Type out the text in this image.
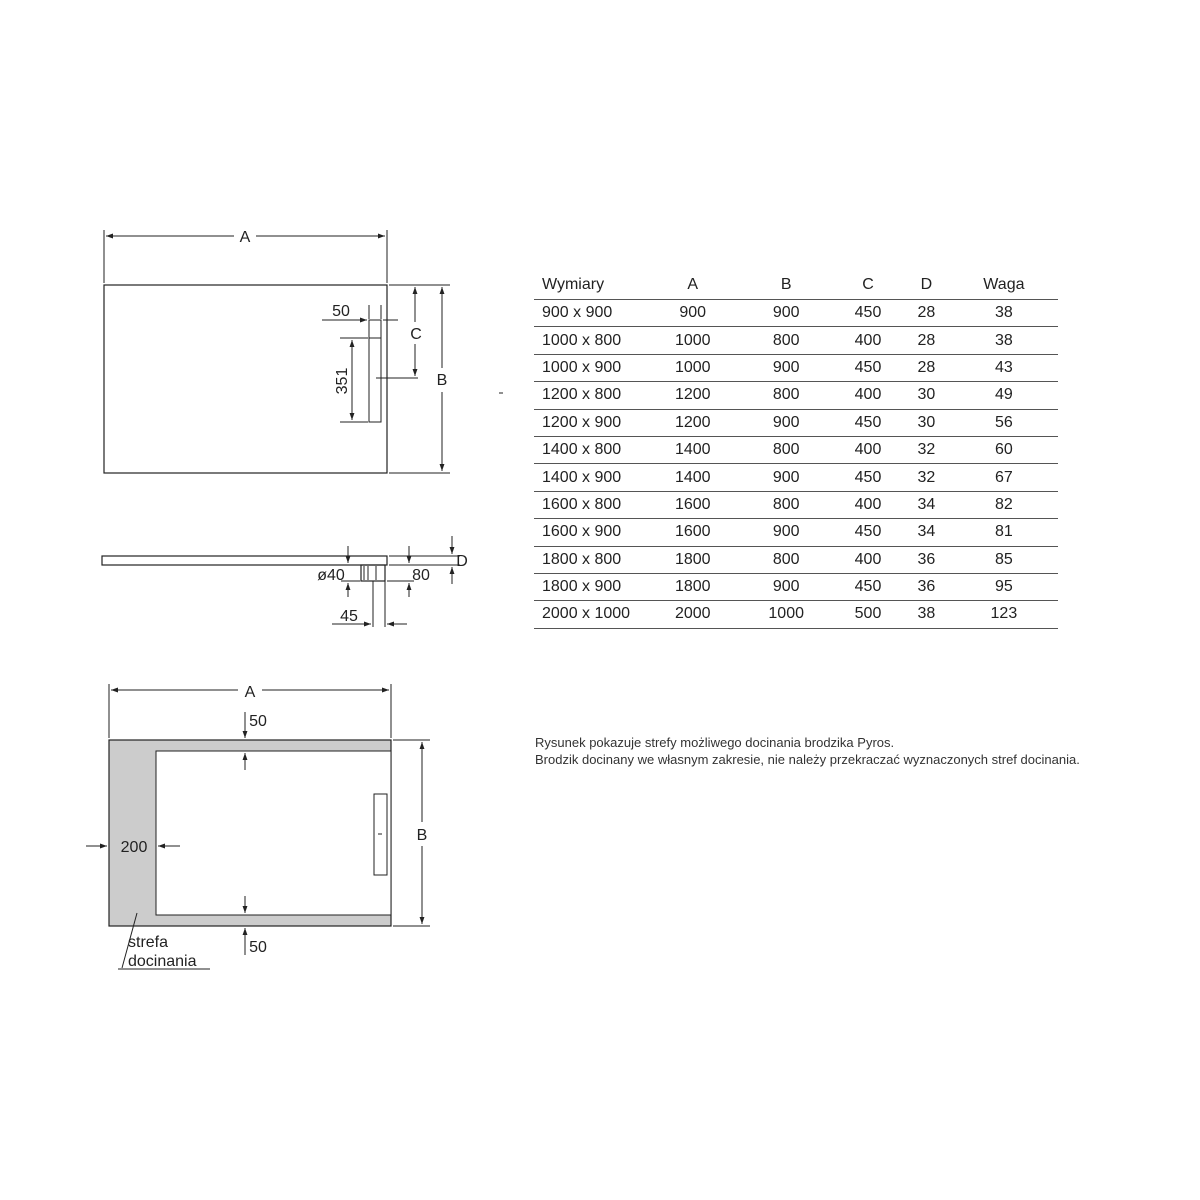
A
B
C
351
50
D
80
ø40
45
A
B
50
50
200
strefa
docinania
Wymiary	A	B	C	D	Waga
900 x 900	900	900	450	28	38
1000 x 800	1000	800	400	28	38
1000 x 900	1000	900	450	28	43
1200 x 800	1200	800	400	30	49
1200 x 900	1200	900	450	30	56
1400 x 800	1400	800	400	32	60
1400 x 900	1400	900	450	32	67
1600 x 800	1600	800	400	34	82
1600 x 900	1600	900	450	34	81
1800 x 800	1800	800	400	36	85
1800 x 900	1800	900	450	36	95
2000 x 1000	2000	1000	500	38	123
Rysunek pokazuje strefy możliwego docinania brodzika Pyros.
Brodzik docinany we własnym zakresie, nie należy przekraczać wyznaczonych stref docinania.
